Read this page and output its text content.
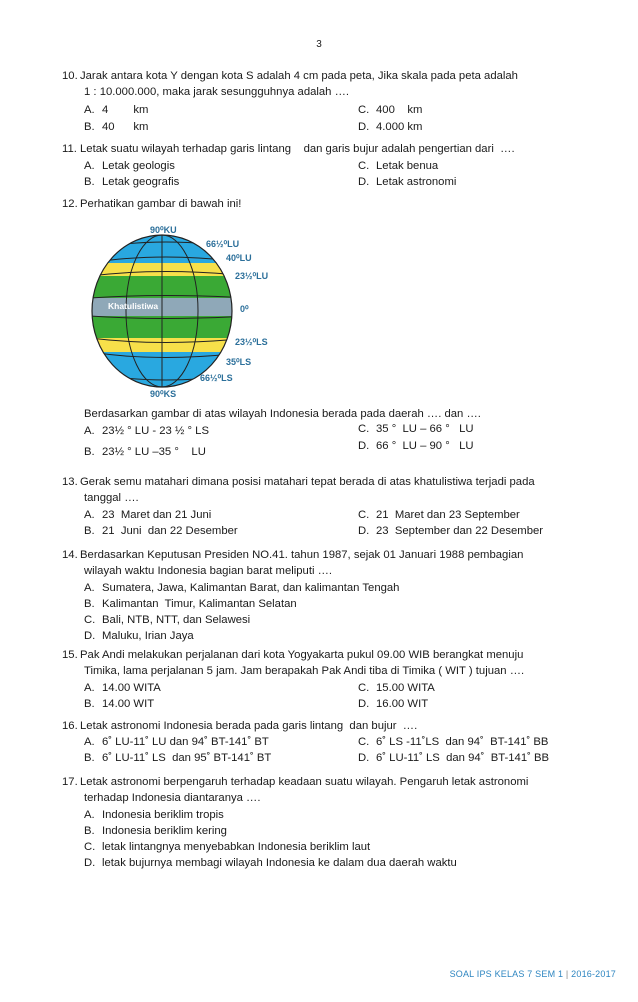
3
10. Jarak antara kota Y dengan kota S adalah 4 cm pada peta, Jika skala pada peta adalah
1 : 10.000.000, maka jarak sesungguhnya adalah ….
A. 4        km	C. 400    km
B. 40      km	D. 4.000 km
11. Letak suatu wilayah terhadap garis lintang    dan garis bujur adalah pengertian dari  ….
A. Letak geologis	C. Letak benua
B. Letak geografis	D. Letak astronomi
12. Perhatikan gambar di bawah ini!
Khatulistiwa
90⁰KU
66½⁰LU
40⁰LU
23½⁰LU
0⁰
23½⁰LS
35⁰LS
66½⁰LS
90⁰KS
Berdasarkan gambar di atas wilayah Indonesia berada pada daerah …. dan ….
A. 23½ ° LU - 23 ½ ° LS	C. 35 °  LU – 66 °   LU
B. 23½ ° LU –35 °    LU	D. 66 °  LU – 90 °   LU
13. Gerak semu matahari dimana posisi matahari tepat berada di atas khatulistiwa terjadi pada
tanggal ….
A. 23  Maret dan 21 Juni	C. 21  Maret dan 23 September
B. 21  Juni  dan 22 Desember	D. 23  September dan 22 Desember
14. Berdasarkan Keputusan Presiden NO.41. tahun 1987, sejak 01 Januari 1988 pembagian
wilayah waktu Indonesia bagian barat meliputi ….
A. Sumatera, Jawa, Kalimantan Barat, dan kalimantan Tengah
B. Kalimantan  Timur, Kalimantan Selatan
C. Bali, NTB, NTT, dan Selawesi
D. Maluku, Irian Jaya
15. Pak Andi melakukan perjalanan dari kota Yogyakarta pukul 09.00 WIB berangkat menuju
Timika, lama perjalanan 5 jam. Jam berapakah Pak Andi tiba di Timika ( WIT ) tujuan ….
A. 14.00 WITA	C. 15.00 WITA
B. 14.00 WIT	D. 16.00 WIT
16. Letak astronomi Indonesia berada pada garis lintang  dan bujur  ….
A. 6˚ LU-11˚ LU dan 94˚ BT-141˚ BT	C. 6˚ LS -11˚LS  dan 94˚  BT-141˚ BB
B. 6˚ LU-11˚ LS  dan 95˚ BT-141˚ BT	D. 6˚ LU-11˚ LS  dan 94˚  BT-141˚ BB
17. Letak astronomi berpengaruh terhadap keadaan suatu wilayah. Pengaruh letak astronomi
terhadap Indonesia diantaranya ….
A. Indonesia beriklim tropis
B. Indonesia beriklim kering
C. letak lintangnya menyebabkan Indonesia beriklim laut
D. letak bujurnya membagi wilayah Indonesia ke dalam dua daerah waktu
SOAL IPS KELAS 7 SEM 1 | 2016-2017
